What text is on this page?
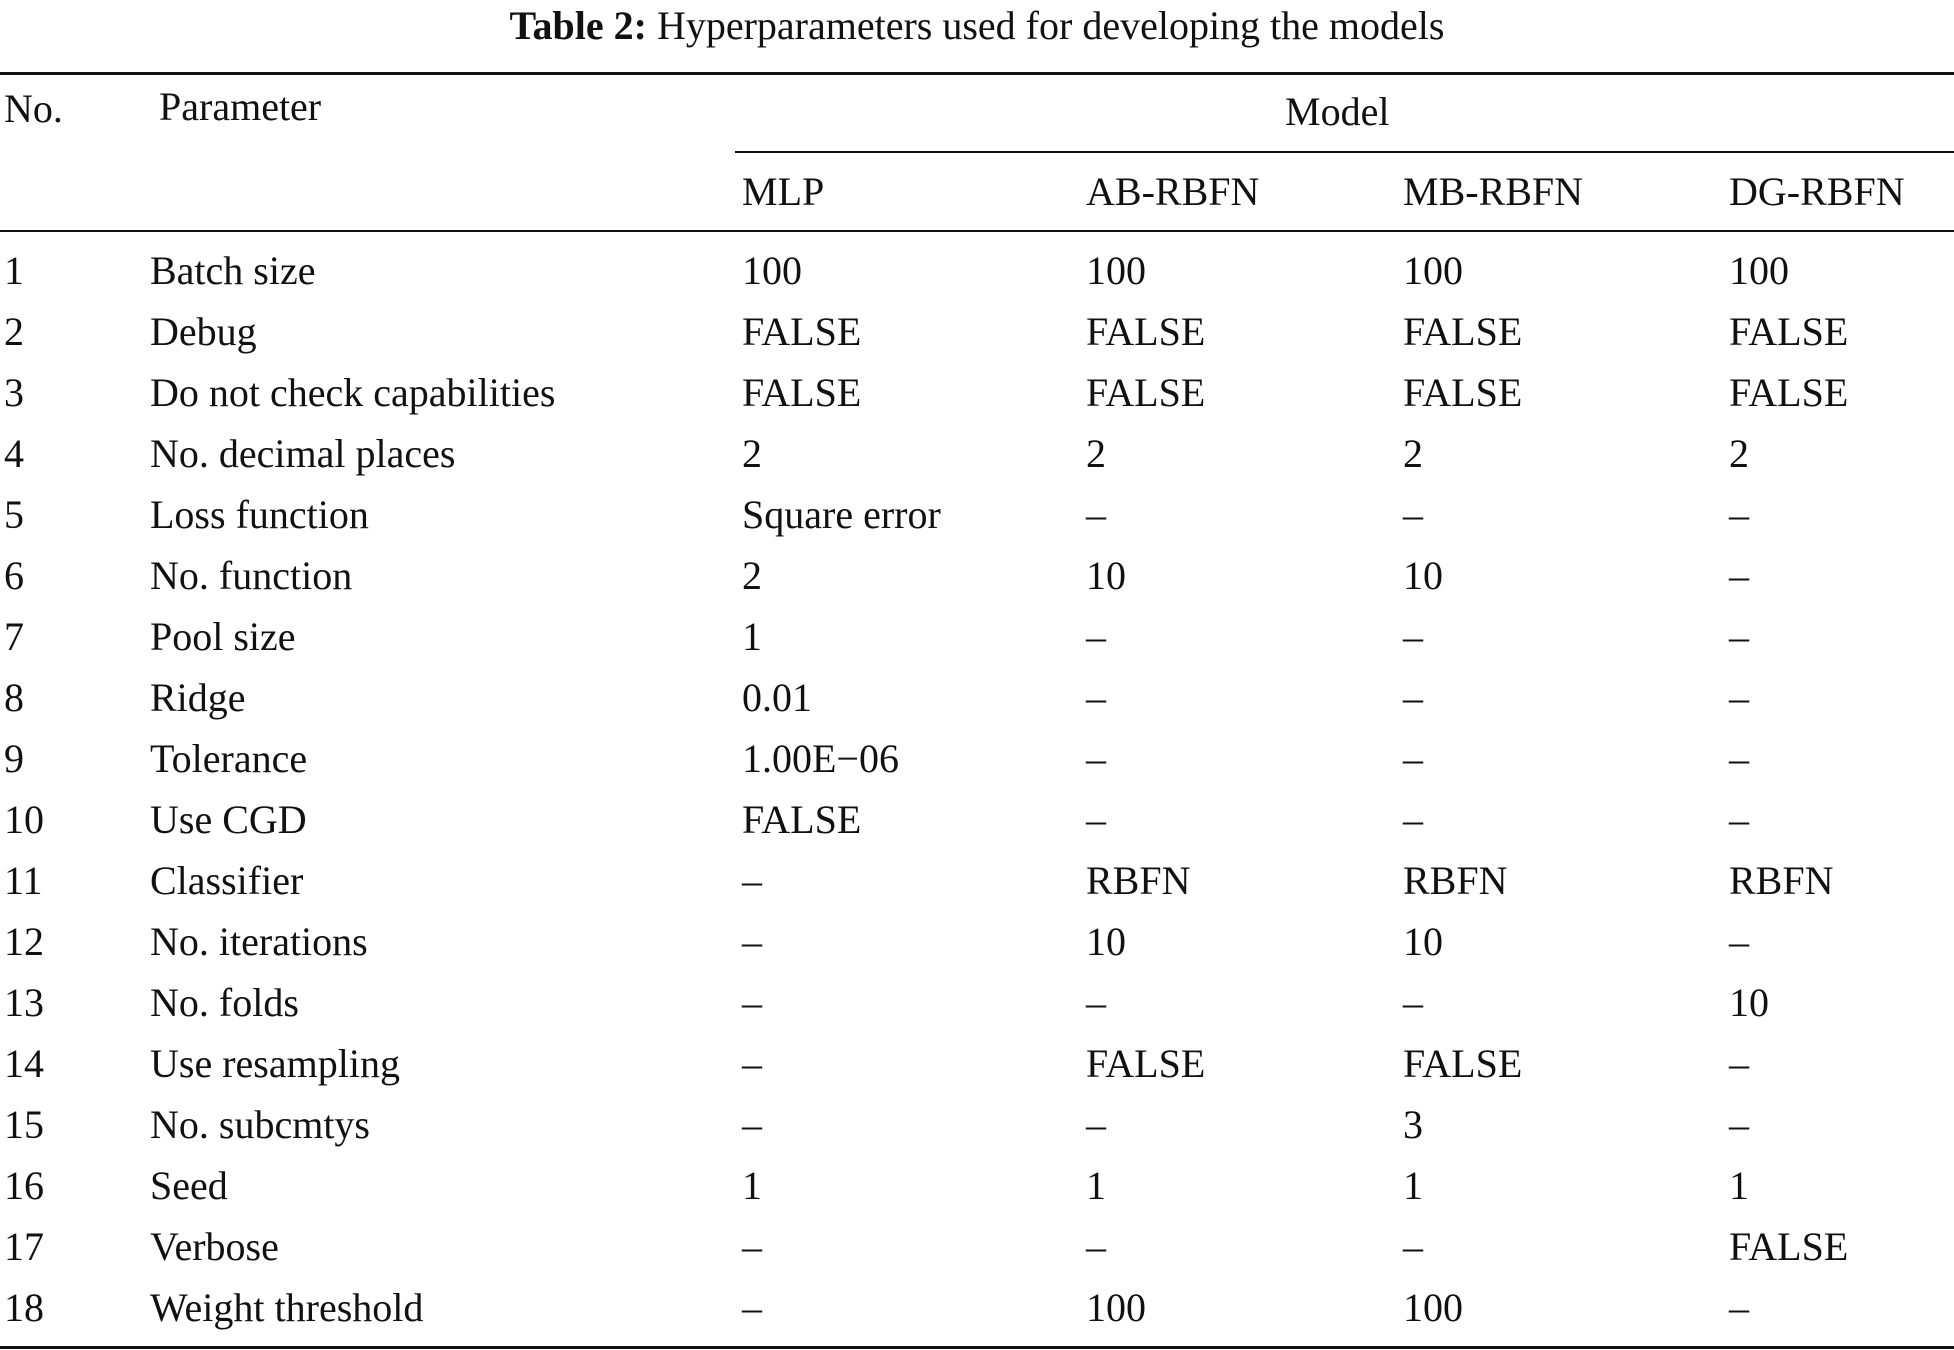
Table 2: Hyperparameters used for developing the models
No. Parameter	Model
MLP	AB-RBFN	MB-RBFN	DG-RBFN
1	Batch size	100	100	100	100
2	Debug	FALSE	FALSE	FALSE	FALSE
3	Do not check capabilities	FALSE	FALSE	FALSE	FALSE
4	No. decimal places	2	2	2	2
5	Loss function	Square error	–	–	–
6	No. function	2	10	10	–
7	Pool size	1	–	–	–
8	Ridge	0.01	–	–	–
9	Tolerance	1.00E−06	–	–	–
10	Use CGD	FALSE	–	–	–
11	Classifier	–	RBFN	RBFN	RBFN
12	No. iterations	–	10	10	–
13	No. folds	–	–	–	10
14	Use resampling	–	FALSE	FALSE	–
15	No. subcmtys	–	–	3	–
16	Seed	1	1	1	1
17	Verbose	–	–	–	FALSE
18	Weight threshold	–	100	100	–
